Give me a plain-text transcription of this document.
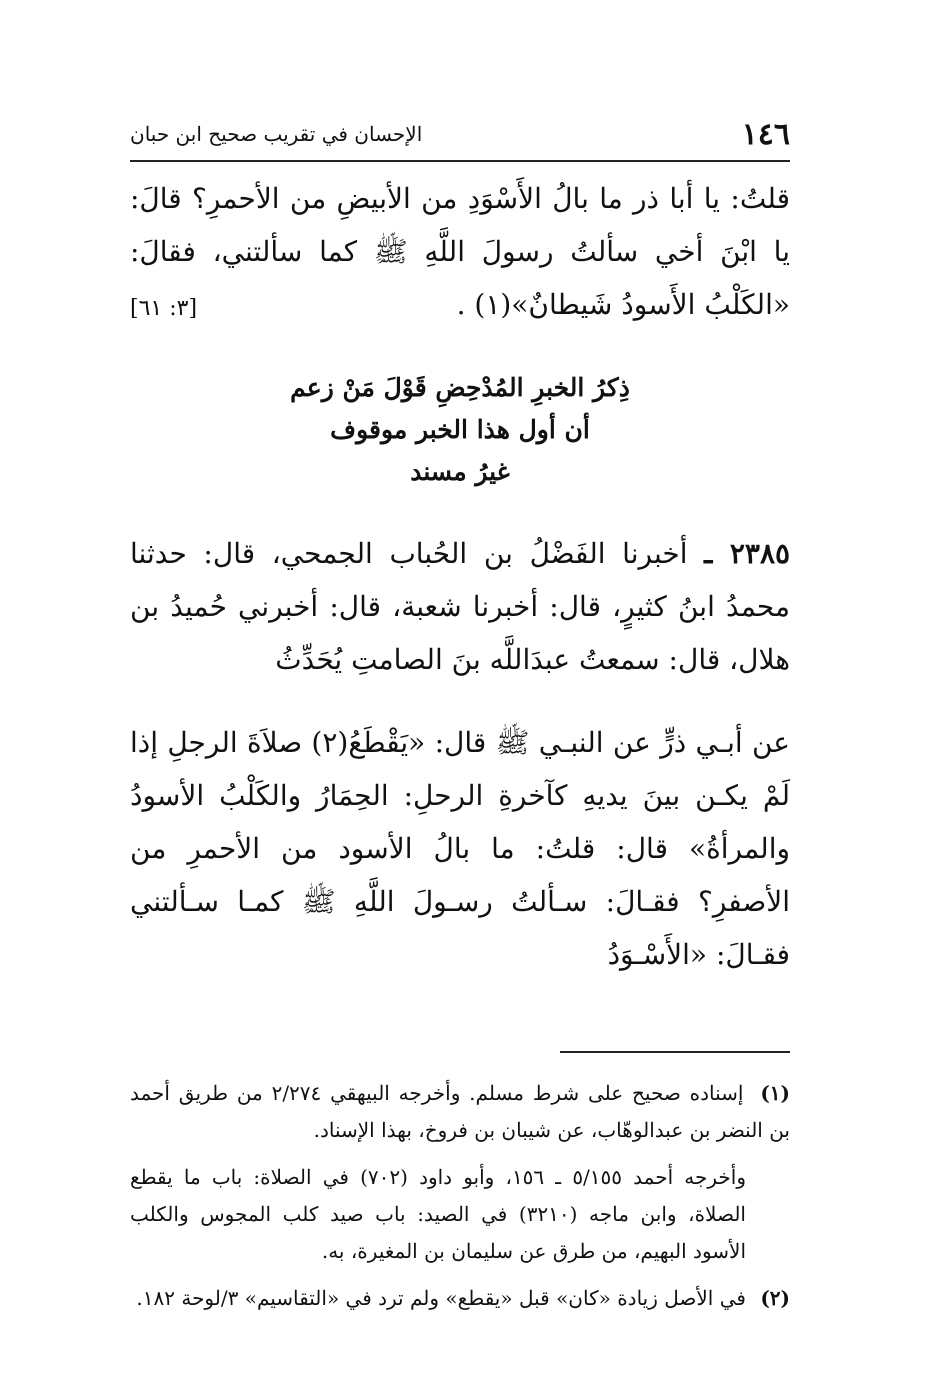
١٤٦
الإحسان في تقريب صحيح ابن حبان

قلتُ: يا أبا ذر ما بالُ الأَسْوَدِ من الأبيضِ من الأحمرِ؟ قالَ: يا ابْنَ أخي سألتُ رسولَ اللَّهِ ﷺ كما سألتني، فقالَ: «الكَلْبُ الأَسودُ شَيطانٌ»(١) .
[٣: ٦١]

ذِكرُ الخبرِ المُدْحِضِ قَوْلَ مَنْ زعم
أن أول هذا الخبر موقوف
غيرُ مسند

٢٣٨٥ ـ أخبرنا الفَضْلُ بن الحُباب الجمحي، قال: حدثنا محمدُ ابنُ كثيرٍ، قال: أخبرنا شعبة، قال: أخبرني حُميدُ بن هلال، قال: سمعتُ عبدَاللَّه بنَ الصامتِ يُحَدِّثُ

عن أبـي ذرٍّ عن النبـي ﷺ قال: «يَقْطَعُ(٢) صلاَةَ الرجلِ إذا لَمْ يكـن بينَ يديهِ كآخرةِ الرحلِ: الحِمَارُ والكَلْبُ الأسودُ والمرأةُ» قال: قلتُ: ما بالُ الأسود من الأحمرِ من الأصفرِ؟ فقـالَ: سـألتُ رسـولَ اللَّهِ ﷺ كمـا سـألتني فقـالَ: «الأَسْـوَدُ

(١) إسناده صحيح على شرط مسلم. وأخرجه البيهقي ٢/٢٧٤ من طريق أحمد بن النضر بن عبدالوهّاب، عن شيبان بن فروخ، بهذا الإسناد.

وأخرجه أحمد ٥/١٥٥ ـ ١٥٦، وأبو داود (٧٠٢) في الصلاة: باب ما يقطع الصلاة، وابن ماجه (٣٢١٠) في الصيد: باب صيد كلب المجوس والكلب الأسود البهيم، من طرق عن سليمان بن المغيرة، به.

(٢) في الأصل زيادة «كان» قبل «يقطع» ولم ترد في «التقاسيم» ٣/لوحة ١٨٢.
